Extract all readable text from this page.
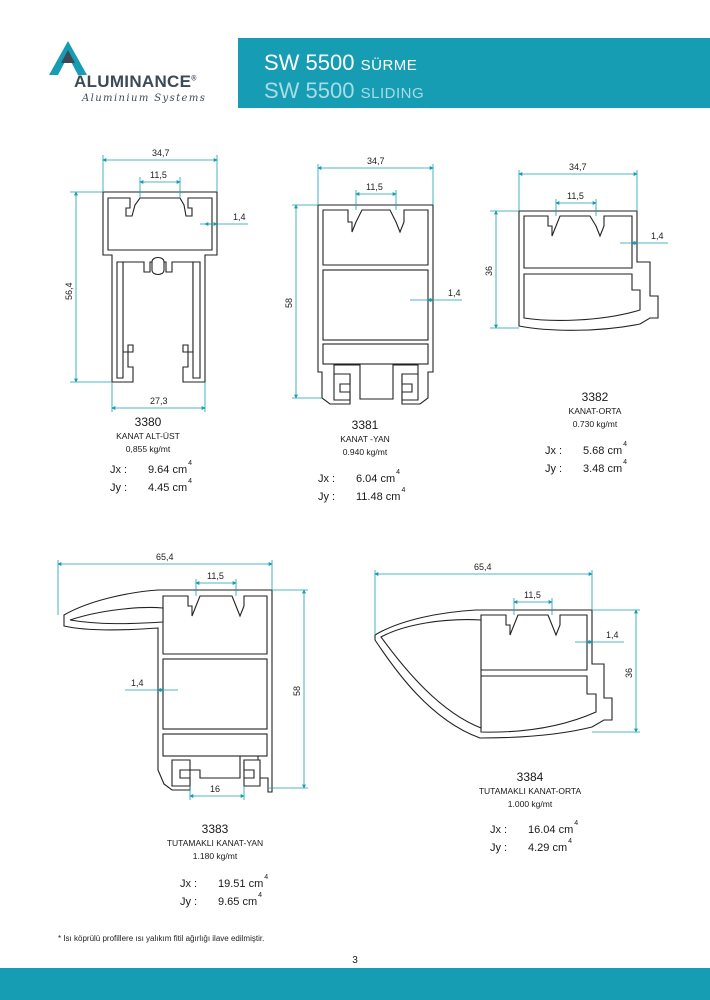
ALUMINANCE®
Aluminium Systems
SW 5500 SÜRME
SW 5500 SLIDING
34,7
11,5
1,4
56,4
27,3
34,7
11,5
1,4
58
34,7
11,5
1,4
36
65,4
11,5
1,4
58
16
65,4
11,5
1,4
36
3380
KANAT ALT-ÜST
0,855 kg/mt
Jx : 9.64 $cm^4$
Jy : 4.45 $cm^4$
3381
KANAT -YAN
0.940 kg/mt
Jx : 6.04 $cm^4$
Jy : 11.48 $cm^4$
3382
KANAT-ORTA
0.730 kg/mt
Jx : 5.68 $cm^4$
Jy : 3.48 $cm^4$
3383
TUTAMAKLI KANAT-YAN
1.180 kg/mt
Jx : 19.51 $cm^4$
Jy : 9.65 $cm^4$
3384
TUTAMAKLI KANAT-ORTA
1.000 kg/mt
Jx : 16.04 $cm^4$
Jy : 4.29 $cm^4$
* Isı köprülü profillere ısı yalıkım fitil ağırlığı ilave edilmiştir.
3
